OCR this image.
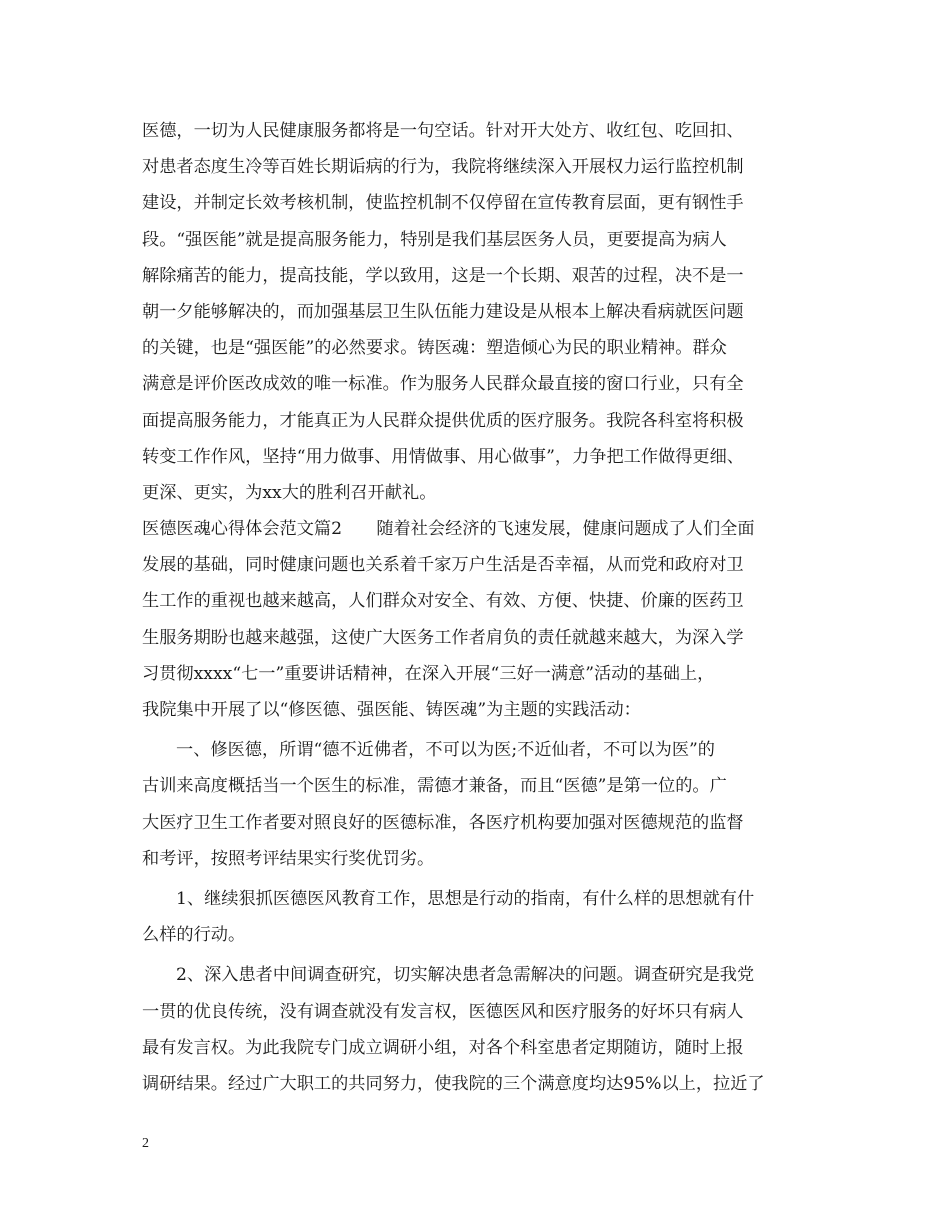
医德，一切为人民健康服务都将是一句空话。针对开大处方、收红包、吃回扣、
对患者态度生冷等百姓长期诟病的行为，我院将继续深入开展权力运行监控机制
建设，并制定长效考核机制，使监控机制不仅停留在宣传教育层面，更有钢性手
段。“强医能”就是提高服务能力，特别是我们基层医务人员，更要提高为病人
解除痛苦的能力，提高技能，学以致用，这是一个长期、艰苦的过程，决不是一
朝一夕能够解决的，而加强基层卫生队伍能力建设是从根本上解决看病就医问题
的关键，也是“强医能”的必然要求。铸医魂：塑造倾心为民的职业精神。群众
满意是评价医改成效的唯一标准。作为服务人民群众最直接的窗口行业，只有全
面提高服务能力，才能真正为人民群众提供优质的医疗服务。我院各科室将积极
转变工作作风，坚持“用力做事、用情做事、用心做事”，力争把工作做得更细、
更深、更实，为xx大的胜利召开献礼。
医德医魂心得体会范文篇2　　随着社会经济的飞速发展，健康问题成了人们全面
发展的基础，同时健康问题也关系着千家万户生活是否幸福，从而党和政府对卫
生工作的重视也越来越高，人们群众对安全、有效、方便、快捷、价廉的医药卫
生服务期盼也越来越强，这使广大医务工作者肩负的责任就越来越大，为深入学
习贯彻xxxx“七一”重要讲话精神，在深入开展“三好一满意”活动的基础上，
我院集中开展了以“修医德、强医能、铸医魂”为主题的实践活动：
一、修医德，所谓“德不近佛者，不可以为医;不近仙者，不可以为医”的
古训来高度概括当一个医生的标准，需德才兼备，而且“医德”是第一位的。广
大医疗卫生工作者要对照良好的医德标准，各医疗机构要加强对医德规范的监督
和考评，按照考评结果实行奖优罚劣。
1、继续狠抓医德医风教育工作，思想是行动的指南，有什么样的思想就有什
么样的行动。
2、深入患者中间调查研究，切实解决患者急需解决的问题。调查研究是我党
一贯的优良传统，没有调查就没有发言权，医德医风和医疗服务的好坏只有病人
最有发言权。为此我院专门成立调研小组，对各个科室患者定期随访，随时上报
调研结果。经过广大职工的共同努力，使我院的三个满意度均达95%以上，拉近了
2
